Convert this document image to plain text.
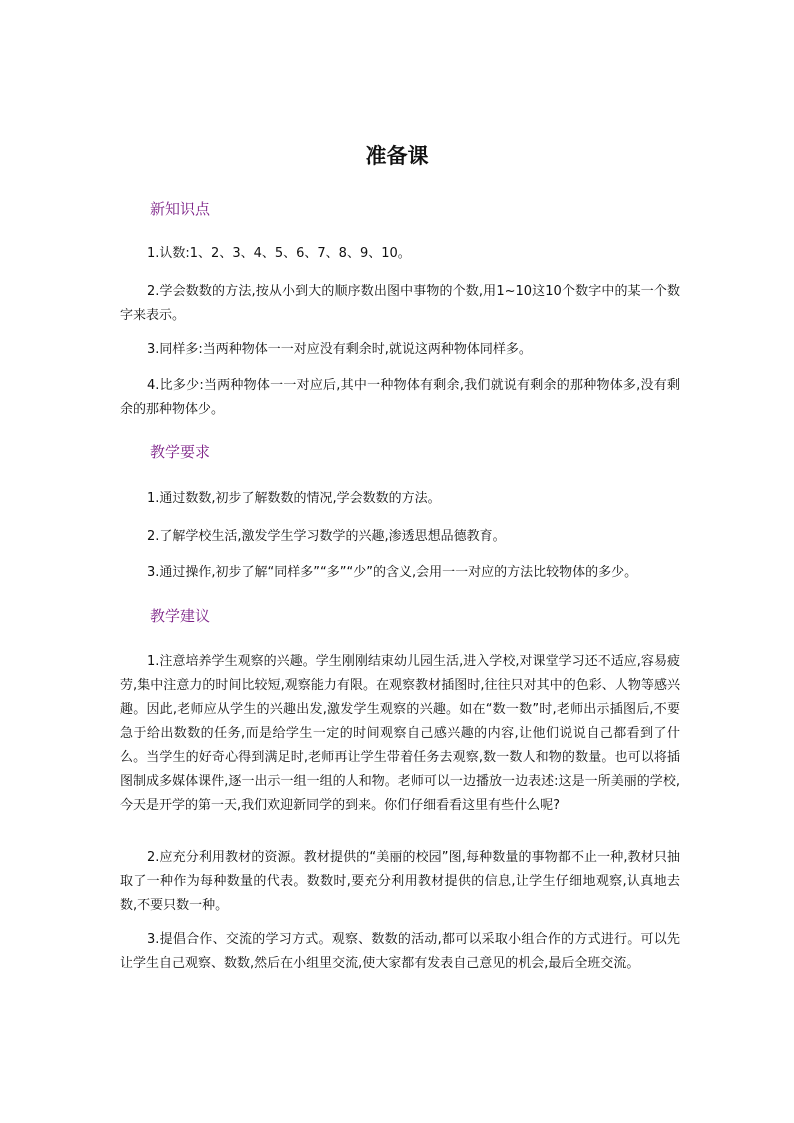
准备课
新知识点
1.认数:1、2、3、4、5、6、7、8、9、10。
2.学会数数的方法,按从小到大的顺序数出图中事物的个数,用1~10这10个数字中的某一个数字来表示。
3.同样多:当两种物体一一对应没有剩余时,就说这两种物体同样多。
4.比多少:当两种物体一一对应后,其中一种物体有剩余,我们就说有剩余的那种物体多,没有剩余的那种物体少。
教学要求
1.通过数数,初步了解数数的情况,学会数数的方法。
2.了解学校生活,激发学生学习数学的兴趣,渗透思想品德教育。
3.通过操作,初步了解“同样多”“多”“少”的含义,会用一一对应的方法比较物体的多少。
教学建议
1.注意培养学生观察的兴趣。学生刚刚结束幼儿园生活,进入学校,对课堂学习还不适应,容易疲劳,集中注意力的时间比较短,观察能力有限。在观察教材插图时,往往只对其中的色彩、人物等感兴趣。因此,老师应从学生的兴趣出发,激发学生观察的兴趣。如在“数一数”时,老师出示插图后,不要急于给出数数的任务,而是给学生一定的时间观察自己感兴趣的内容,让他们说说自己都看到了什么。当学生的好奇心得到满足时,老师再让学生带着任务去观察,数一数人和物的数量。也可以将插图制成多媒体课件,逐一出示一组一组的人和物。老师可以一边播放一边表述:这是一所美丽的学校,今天是开学的第一天,我们欢迎新同学的到来。你们仔细看看这里有些什么呢?
2.应充分利用教材的资源。教材提供的“美丽的校园”图,每种数量的事物都不止一种,教材只抽取了一种作为每种数量的代表。数数时,要充分利用教材提供的信息,让学生仔细地观察,认真地去数,不要只数一种。
3.提倡合作、交流的学习方式。观察、数数的活动,都可以采取小组合作的方式进行。可以先让学生自己观察、数数,然后在小组里交流,使大家都有发表自己意见的机会,最后全班交流。
